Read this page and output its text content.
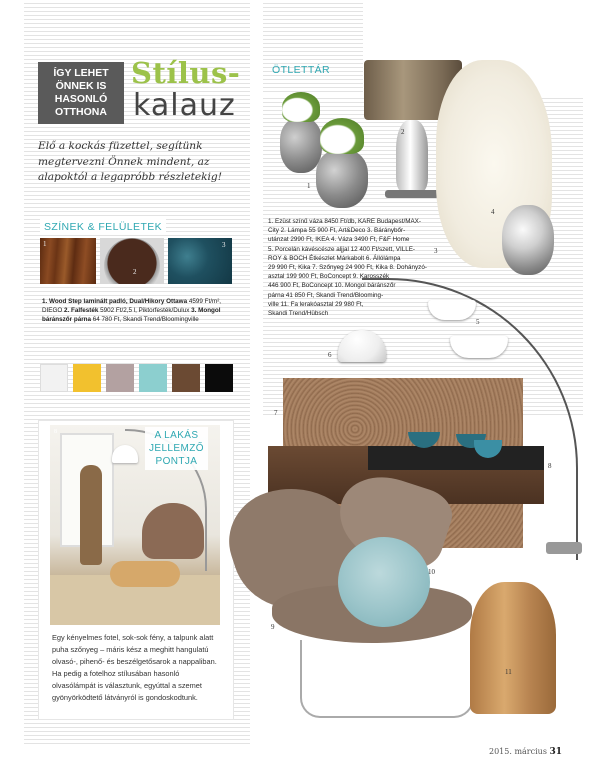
ÍGY LEHET
ÖNNEK IS
HASONLÓ
OTTHONA
Stílus-
kalauz
Elő a kockás füzettel, segítünk megtervezni Önnek mindent, az alapoktól a legapróbb részletekig!
SZÍNEK & FELÜLETEK
1
2
3
1. Wood Step laminált padló, Dual/Hikory Ottawa 4599 Ft/m², DIEGO 2. Falfesték 5902 Ft/2,5 l, Piktorfesték/Dulux 3. Mongol báránszőr párna 64 780 Ft, Skandi Trend/Bloomingville
A LAKÁS
JELLEMZŐ
PONTJA
8
Egy kényelmes fotel, sok-sok fény, a talpunk alatt puha szőnyeg – máris kész a meghitt hangulatú olvasó-, pihenő- és beszélgetősarok a nappaliban. Ha pedig a fotelhoz stílusában hasonló olvasólámpát is választunk, egyúttal a szemet gyönyörködtető látványról is gondoskodtunk.
ÖTLETTÁR
1
2
3
4
1. Ezüst színű váza 8450 Ft/db, KARE Budapest/MAX-
City 2. Lámpa 55 900 Ft, Art&Deco 3. Báránybőr-
utánzat 2990 Ft, IKEA 4. Váza 3490 Ft, F&F Home
5. Porcelán kávéscésze aljjal 12 400 Ft/szett, VILLE-
ROY & BOCH Étkészlet Márkabolt 6. Állólámpa
29 990 Ft, Kika 7. Szőnyeg 24 900 Ft, Kika 8. Dohányzó-
asztal 199 900 Ft, BoConcept 9. Karosszék
446 900 Ft, BoConcept 10. Mongol báránszőr
párna 41 850 Ft, Skandi Trend/Blooming-
ville 11. Fa lerakóasztal 29 980 Ft,
Skandi Trend/Hübsch
6
5
7
8
9
10
11
2015. március 31
